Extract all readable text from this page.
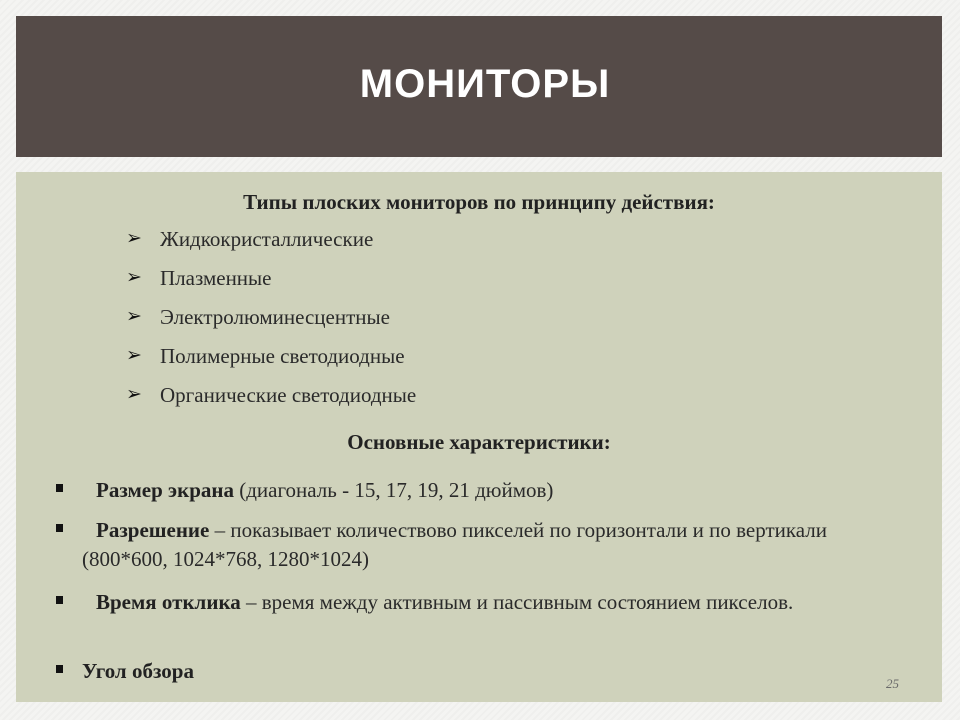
МОНИТОРЫ
Типы плоских мониторов по принципу действия:
➢ Жидкокристаллические
➢ Плазменные
➢ Электролюминесцентные
➢ Полимерные светодиодные
➢ Органические светодиодные
Основные характеристики:
Размер экрана (диагональ - 15, 17, 19, 21 дюймов)
Разрешение – показывает количествово пикселей по горизонтали и по вертикали (800*600, 1024*768, 1280*1024)
Время отклика – время между активным и пассивным состоянием пикселов.
Угол обзора
25
